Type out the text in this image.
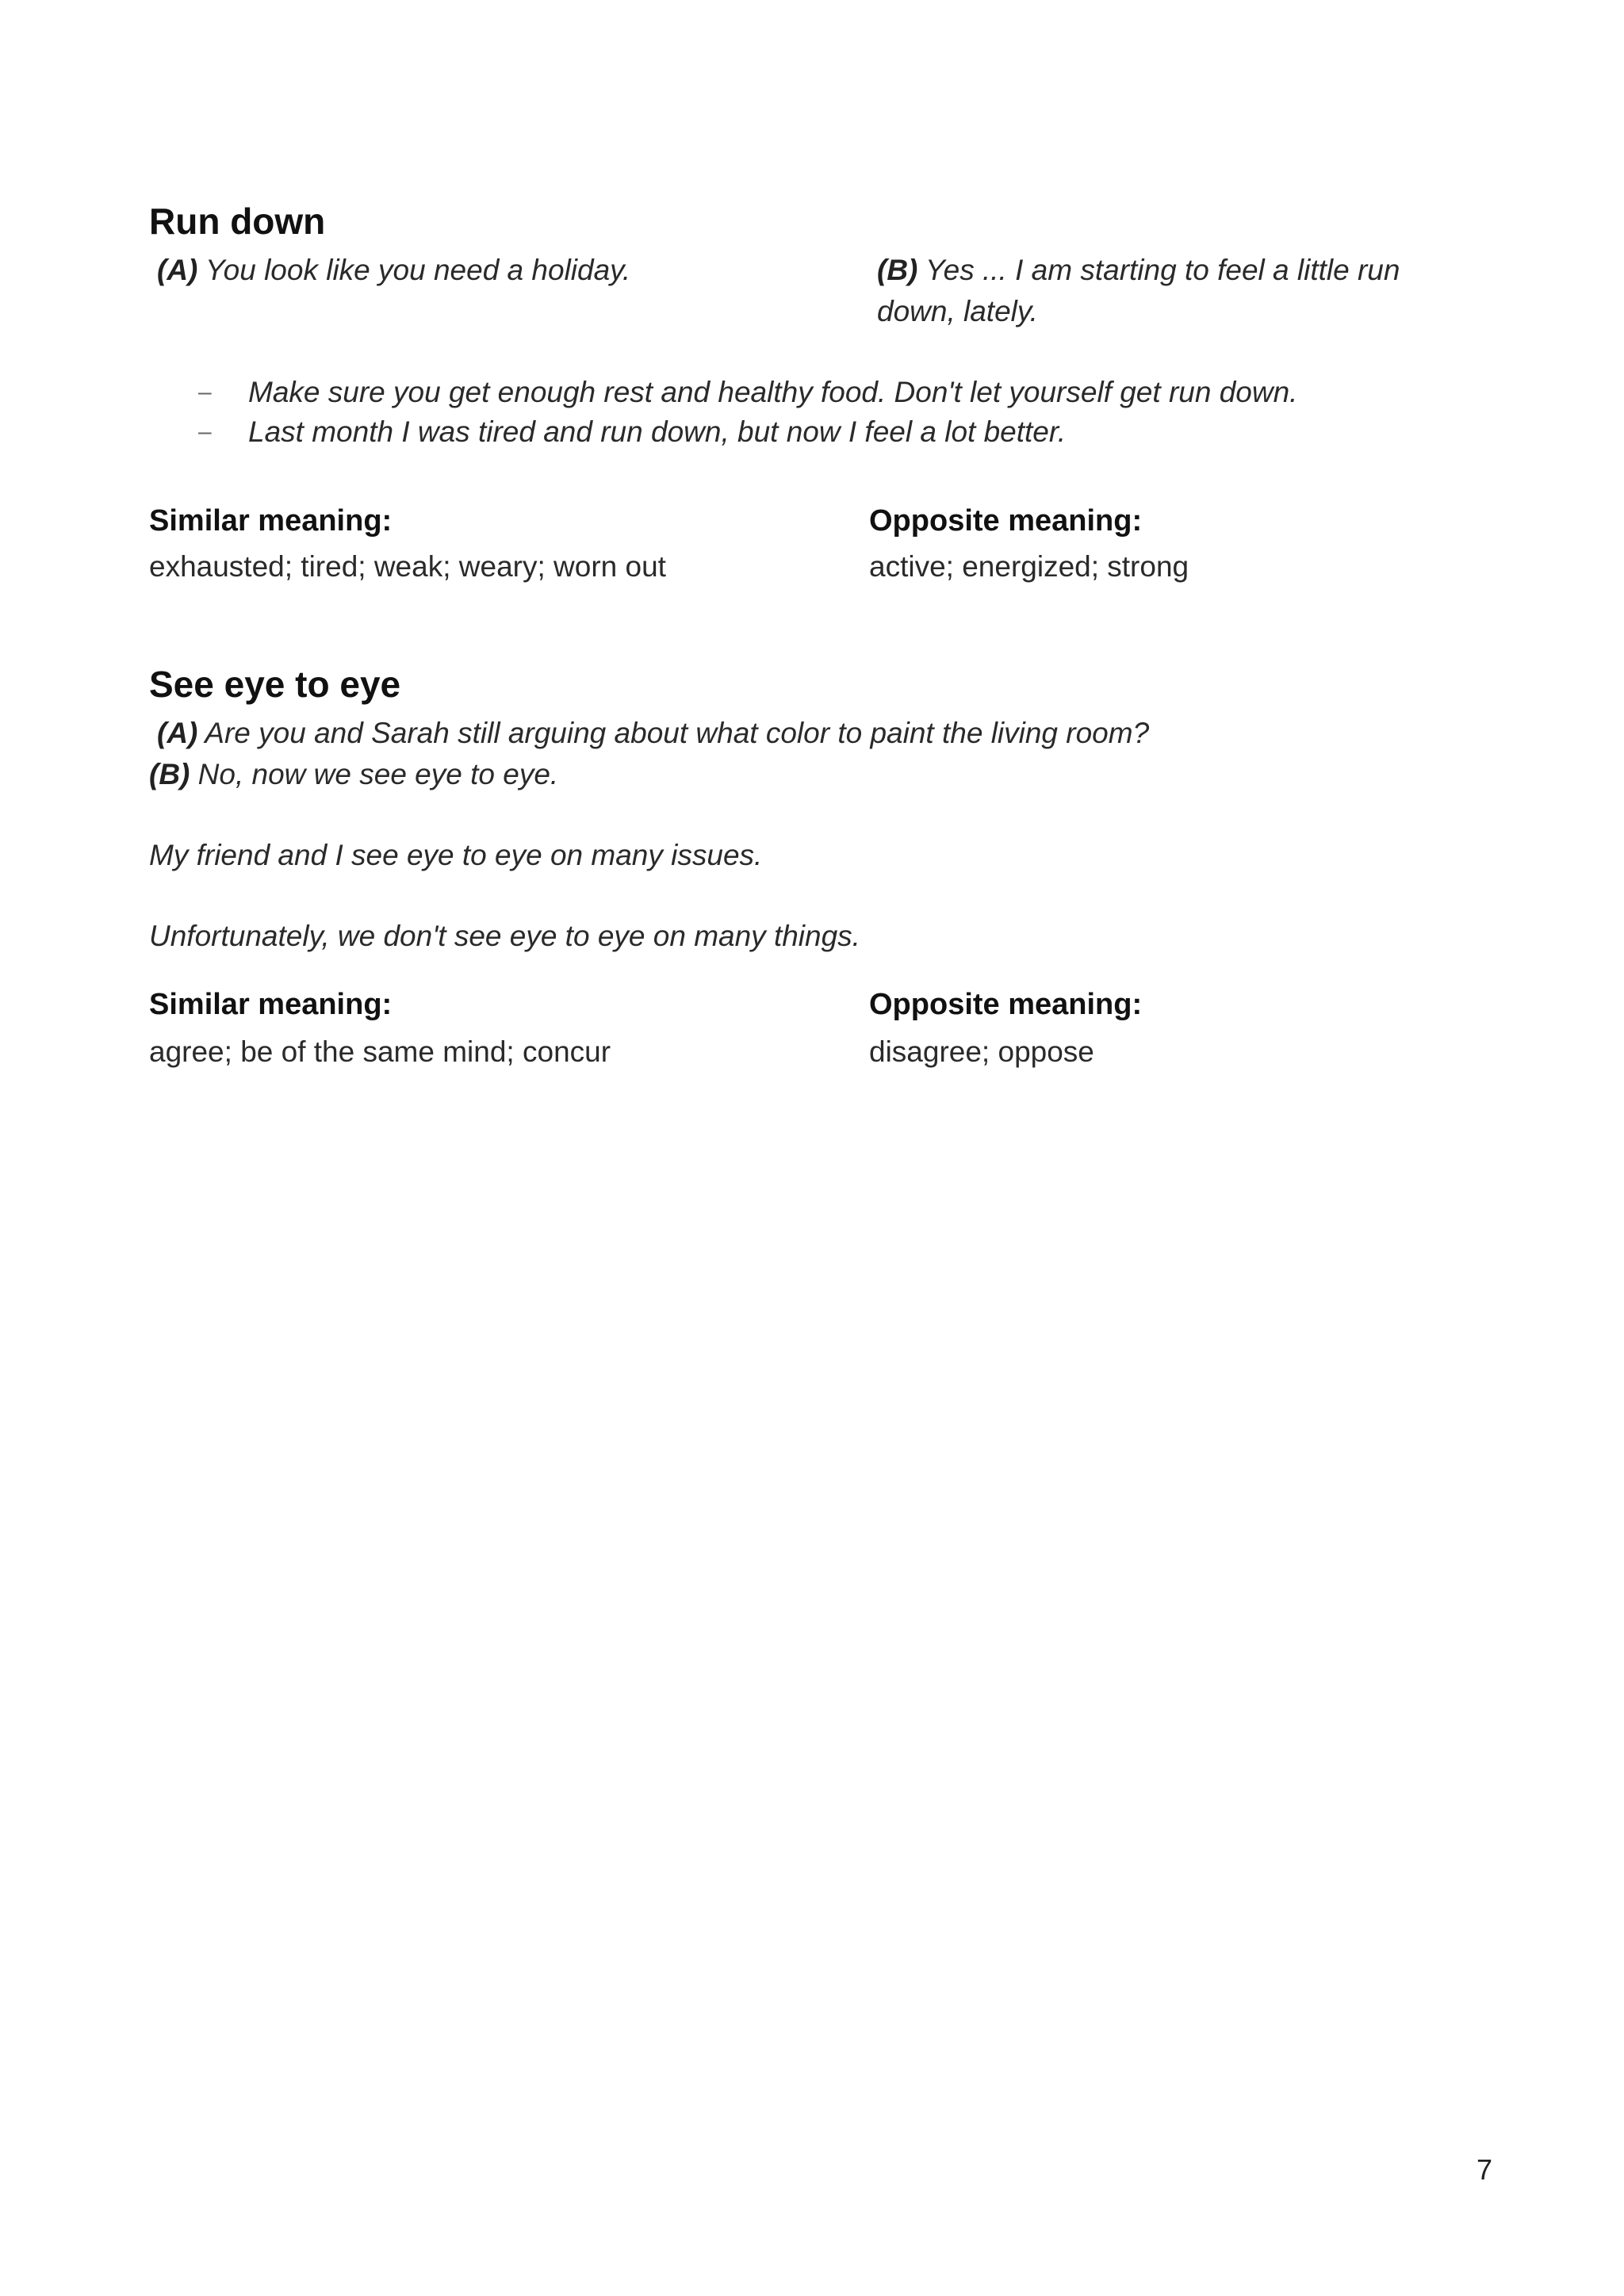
Run down
(A) You look like you need a holiday.	(B) Yes ... I am starting to feel a little run
down, lately.
– Make sure you get enough rest and healthy food. Don't let yourself get run down.
– Last month I was tired and run down, but now I feel a lot better.
Similar meaning:	Opposite meaning:
exhausted; tired; weak; weary; worn out	active; energized; strong
See eye to eye
(A) Are you and Sarah still arguing about what color to paint the living room?
(B) No, now we see eye to eye.
My friend and I see eye to eye on many issues.
Unfortunately, we don't see eye to eye on many things.
Similar meaning:	Opposite meaning:
agree; be of the same mind; concur	disagree; oppose
7
